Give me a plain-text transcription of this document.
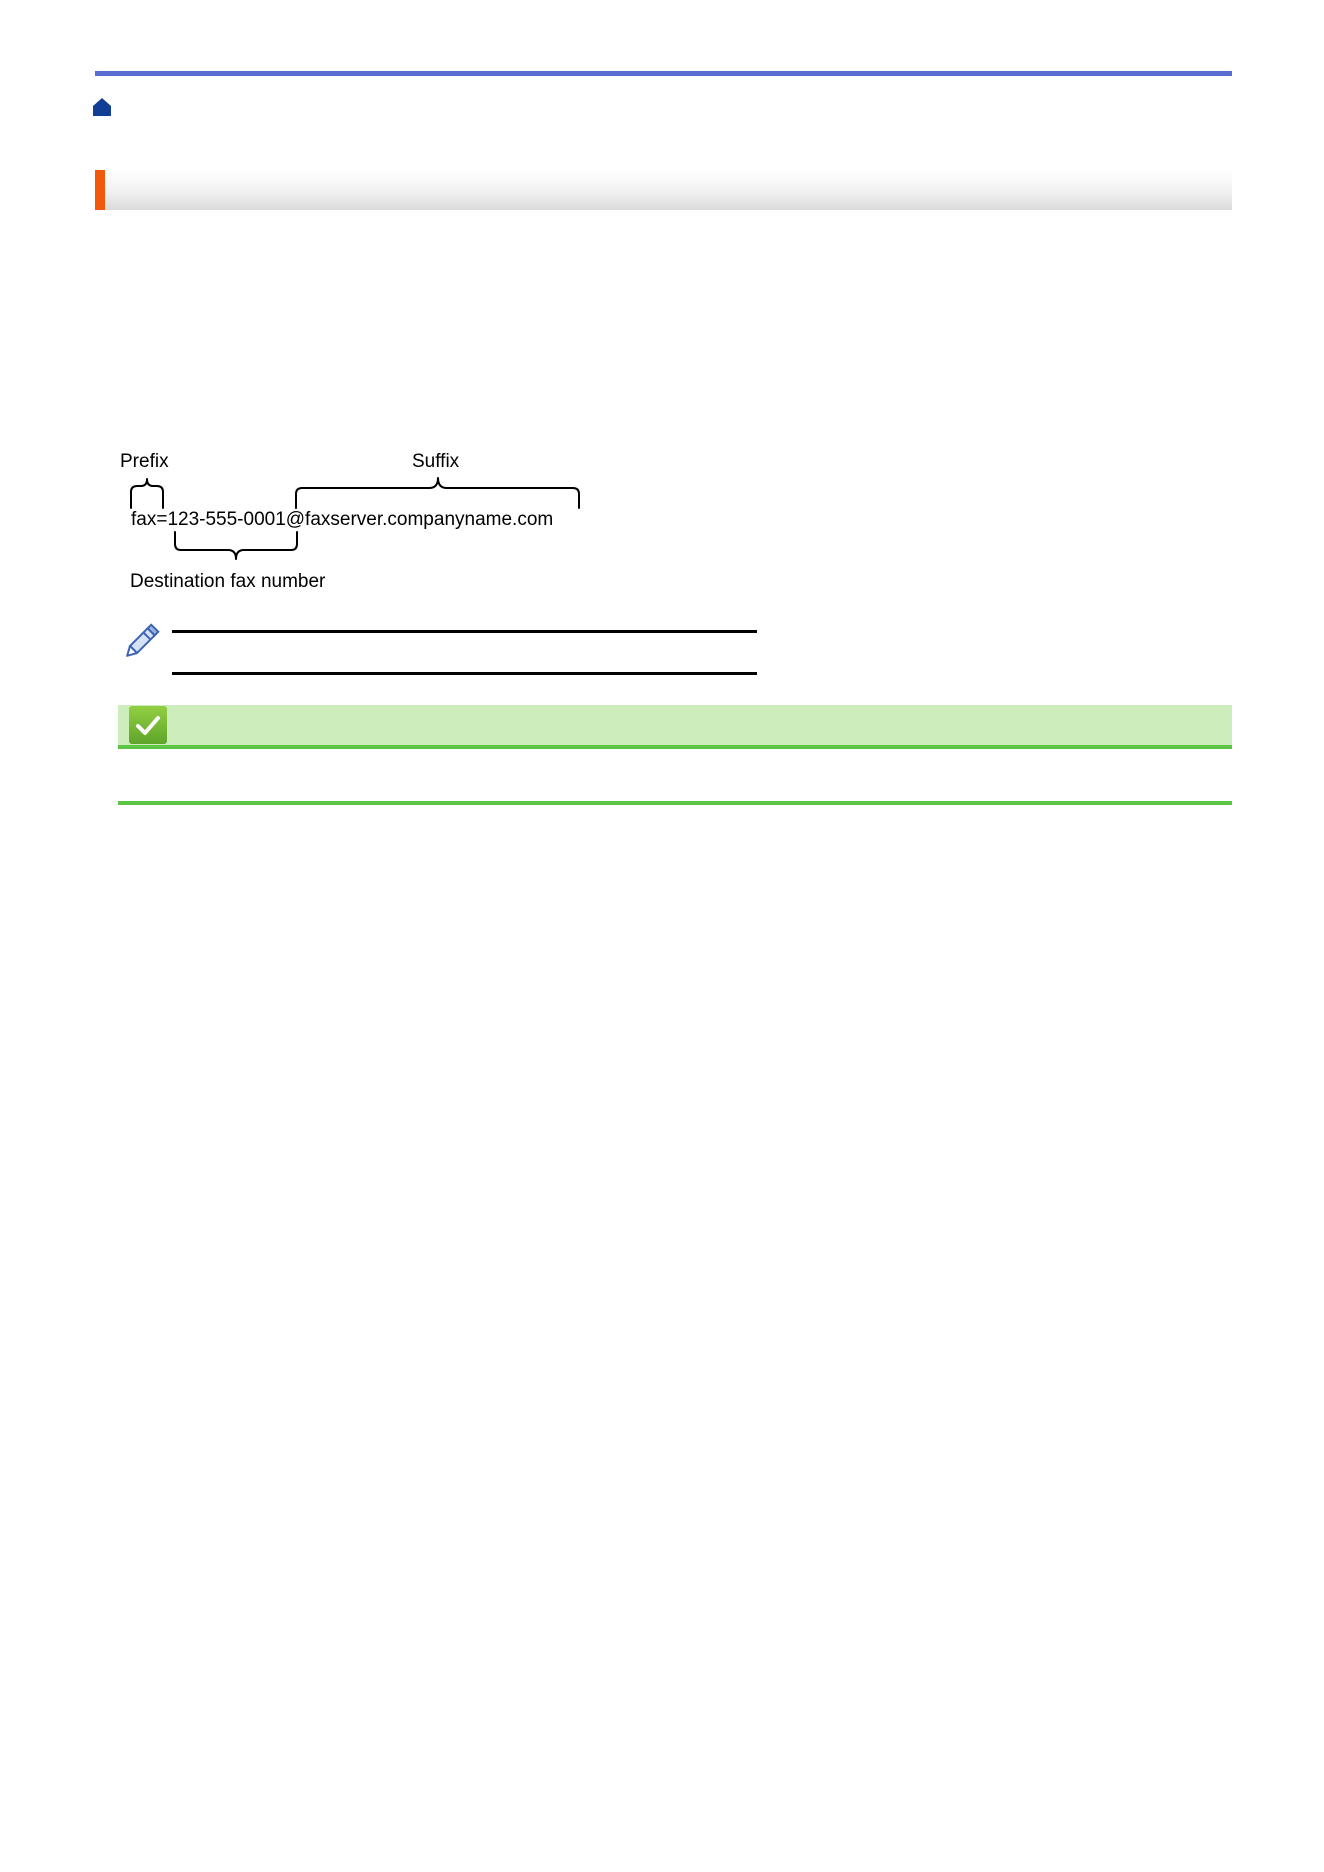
Prefix	Suffix
fax=123-555-0001@faxserver.companyname.com
Destination fax number
